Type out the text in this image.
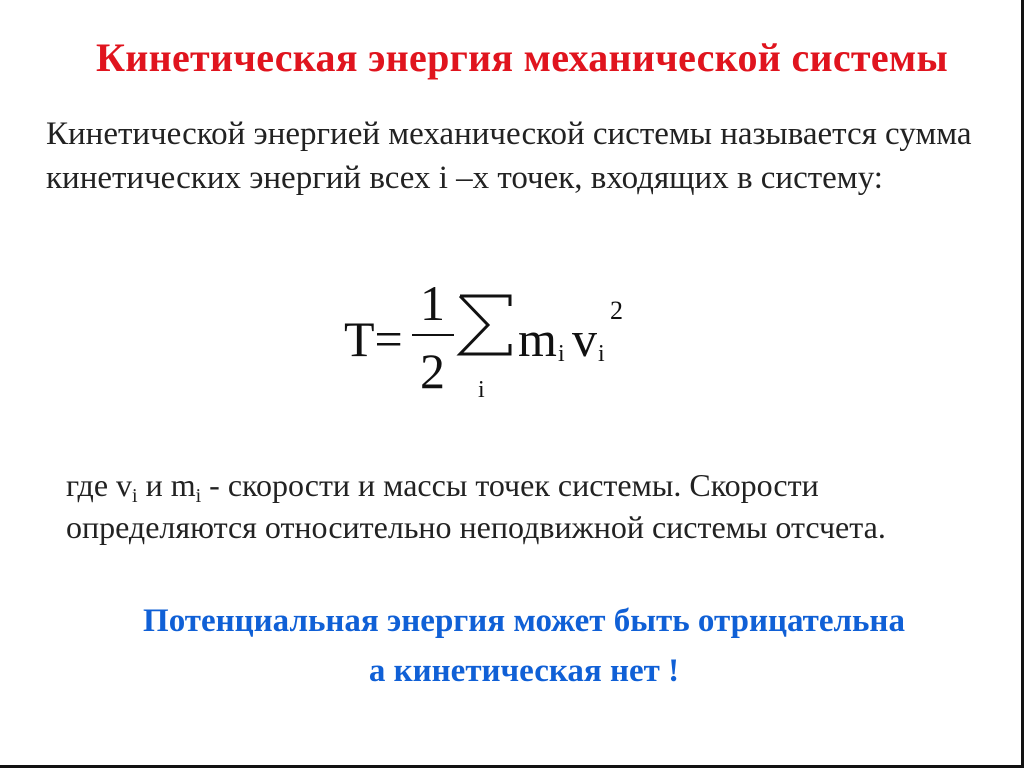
Кинетическая энергия механической системы
Кинетической энергией механической системы называется сумма кинетических энергий всех i –х точек, входящих в систему:
T=
1
2 i
m i v i
2
где $v_i$ и $m_i$ - скорости и массы точек системы. Скорости определяются относительно неподвижной системы отсчета.
Потенциальная энергия может быть отрицательна
а кинетическая нет !
